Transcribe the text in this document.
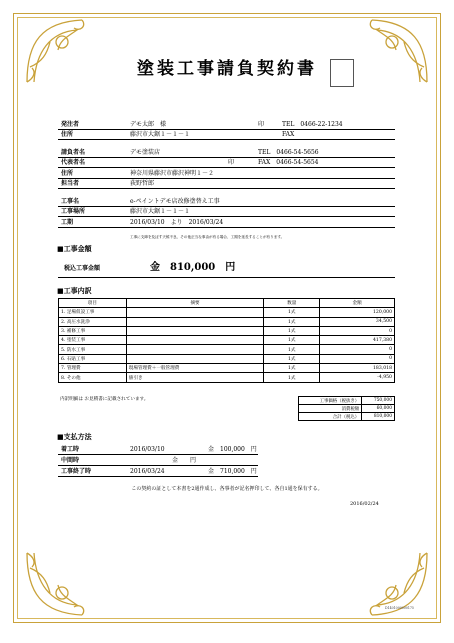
塗装工事請負契約書
発注者	デモ太郎　様	印	TEL　0466-22-1234
住所	藤沢市大鋸１－１－１	FAX
請負者名	デモ塗装店	TEL　0466-54-5656
代表者名	印	FAX　0466-54-5654
住所	神奈川県藤沢市藤沢神明１－２
担当者	荻野哲郎
工事名	e-ペイントデモ店改修塗替え工事
工事場所	藤沢市大鋸１－１－１
工期	2016/03/10　より　2016/03/24
工事に支障を及ぼす天候不良、その他正当な事由が有る場合、工期を延長することが有ります。
■工事金額
税込工事金額	金　810,000　円
■工事内訳
項目	摘要	数量	金額
1. 足場仮設工事		1式	120,000
2. 高圧水洗浄		1式	34,500
3. 補修工事		1式	0
4. 塗装工事		1式	417,380
5. 防水工事		1式	0
6. 石貼工事		1式	0
7. 管理費	現場管理費＋一般管理費	1式	183,018
8. その他	値引き	1式	-4,950
内訳明細は お見積書に記載されています。	工事価格（税抜き）	750,000
消費税額	60,000
合計（税込）	810,000
■支払方法
着工時	2016/03/10	金　100,000　円
中間時	金　　円
工事終了時	2016/03/24	金　710,000　円
この契約の証として本書を2通作成し、各事者が記名押印して、各自1通を保有する。
2016/02/24
D1401000000175
